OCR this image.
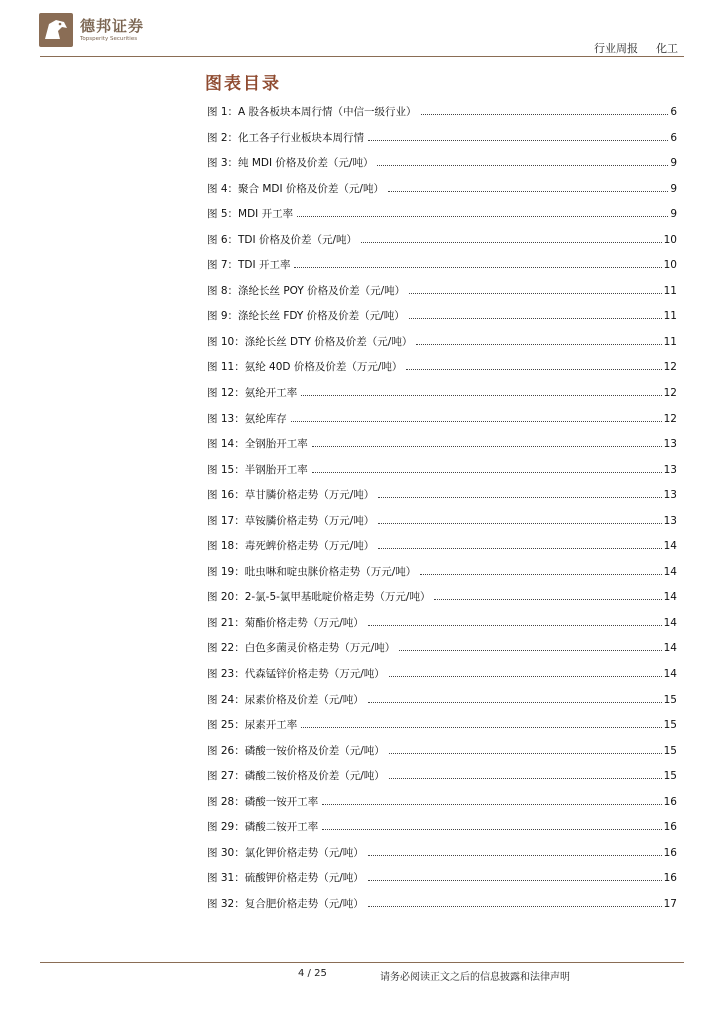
德邦证券
Topsperity Securities
行业周报 化工
图表目录
图 1：A 股各板块本周行情（中信一级行业）	6
图 2：化工各子行业板块本周行情	6
图 3：纯 MDI 价格及价差（元/吨）	9
图 4：聚合 MDI 价格及价差（元/吨）	9
图 5：MDI 开工率	9
图 6：TDI 价格及价差（元/吨）	10
图 7：TDI 开工率	10
图 8：涤纶长丝 POY 价格及价差（元/吨）	11
图 9：涤纶长丝 FDY 价格及价差（元/吨）	11
图 10：涤纶长丝 DTY 价格及价差（元/吨）	11
图 11：氨纶 40D 价格及价差（万元/吨）	12
图 12：氨纶开工率	12
图 13：氨纶库存	12
图 14：全钢胎开工率	13
图 15：半钢胎开工率	13
图 16：草甘膦价格走势（万元/吨）	13
图 17：草铵膦价格走势（万元/吨）	13
图 18：毒死蜱价格走势（万元/吨）	14
图 19：吡虫啉和啶虫脒价格走势（万元/吨）	14
图 20：2-氯-5-氯甲基吡啶价格走势（万元/吨）	14
图 21：菊酯价格走势（万元/吨）	14
图 22：白色多菌灵价格走势（万元/吨）	14
图 23：代森锰锌价格走势（万元/吨）	14
图 24：尿素价格及价差（元/吨）	15
图 25：尿素开工率	15
图 26：磷酸一铵价格及价差（元/吨）	15
图 27：磷酸二铵价格及价差（元/吨）	15
图 28：磷酸一铵开工率	16
图 29：磷酸二铵开工率	16
图 30：氯化钾价格走势（元/吨）	16
图 31：硫酸钾价格走势（元/吨）	16
图 32：复合肥价格走势（元/吨）	17
4 / 25	请务必阅读正文之后的信息披露和法律声明
